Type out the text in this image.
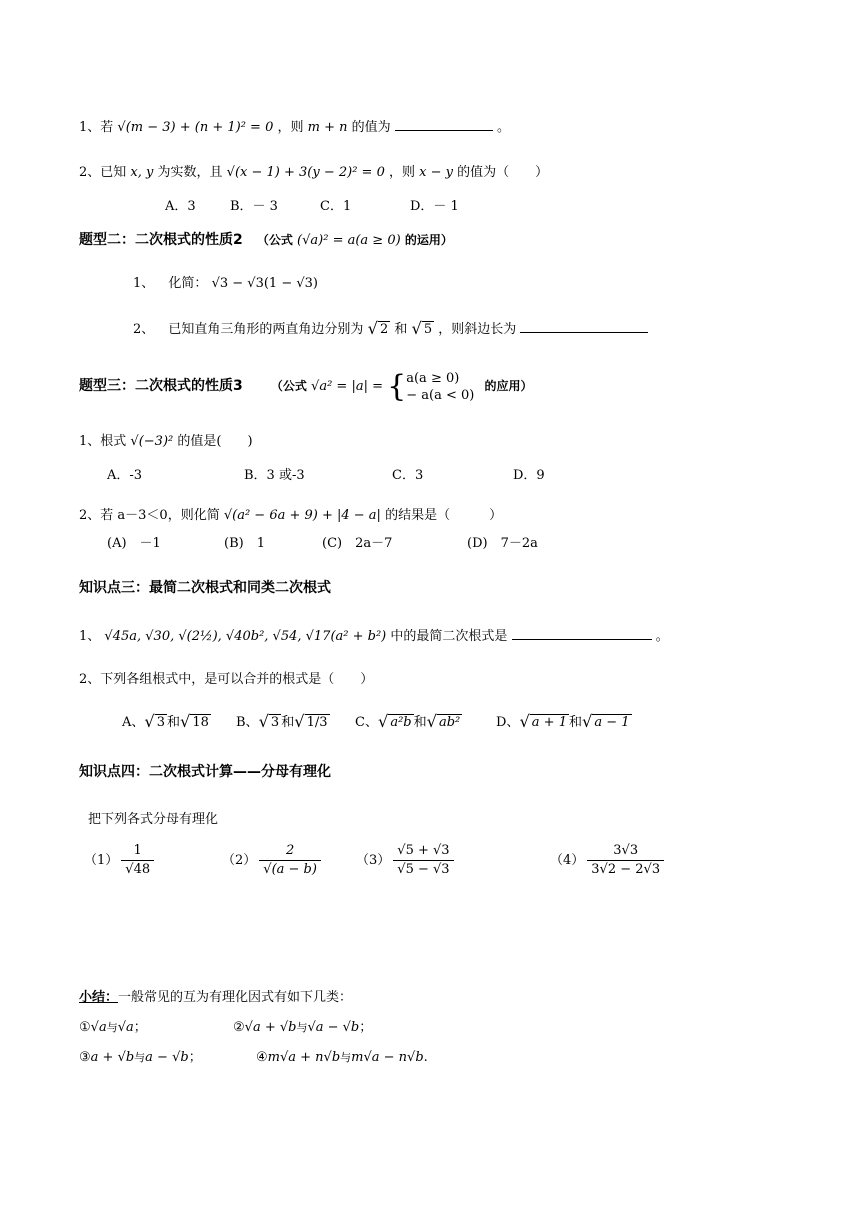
1、若 √(m − 3) + (n + 1)² = 0 ，则 m + n 的值为	。
2、已知 x, y 为实数，且 √(x − 1) + 3(y − 2)² = 0 ，则 x − y 的值为（　　）
A．3	B．－ 3	C．1	D．－ 1
题型二：二次根式的性质2 （公式 (√a)² = a(a ≥ 0) 的运用）
1、 化简： √3 − √3(1 − √3)
2、 已知直角三角形的两直角边分别为 √ 2 和 √ 5 ，则斜边长为
题型三：二次根式的性质3 （公式 √a² = |a| = { a(a ≥ 0)
− a(a < 0)
的应用）
1、根式 √(−3)² 的值是(　　)
A．-3	B．3 或-3	C．3	D．9
2、若 a－3＜0，则化简 √(a² − 6a + 9) + |4 − a| 的结果是（　　　）
(A)　－1	(B)　1	(C)　2a－7	(D)　7－2a
知识点三：最简二次根式和同类二次根式
1、 √45a, √30, √(2½), √40b², √54, √17(a² + b²) 中的最简二次根式是	。
2、下列各组根式中，是可以合并的根式是（　　）
A、 √ 3 和 √ 18 B、 √ 3 和 √ 1/3 C、 √ a²b 和 √ ab²	D、 √ a + 1 和 √ a − 1
知识点四：二次根式计算——分母有理化
把下列各式分母有理化
$(1) \frac{1}{√48}$	$(2) \frac{2}{√(a - b)}$	$(3) \frac{√5 + √3}{√5 - √3}$	$(4) \frac{3√3}{3√2 - 2√3}$
小结：一般常见的互为有理化因式有如下几类：
①√a与√a；	②√a + √b与√a − √b；
③a + √b与a − √b；	④m√a + n√b与m√a − n√b.
